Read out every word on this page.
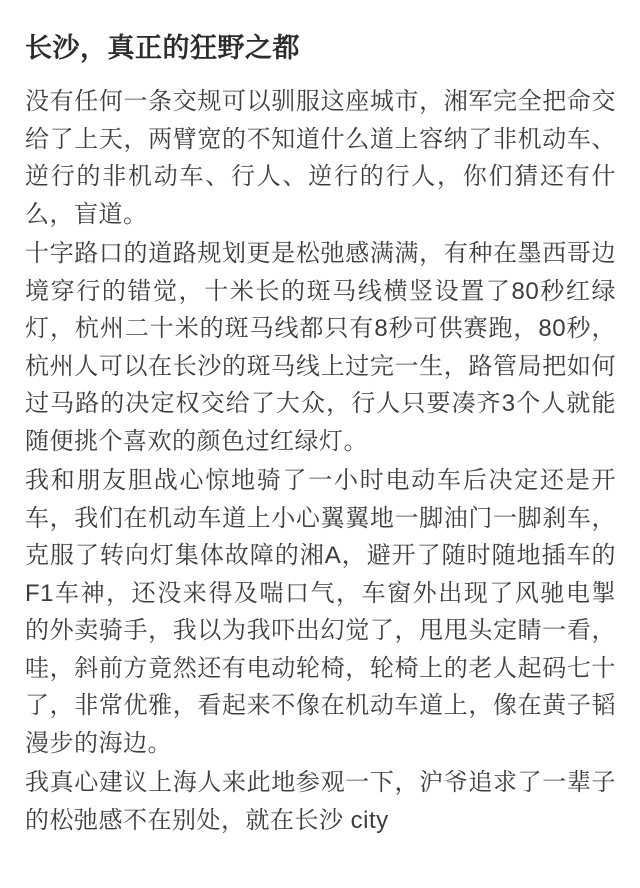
长沙，真正的狂野之都

没有任何一条交规可以驯服这座城市，湘军完全把命交给了上天，两臂宽的不知道什么道上容纳了非机动车、逆行的非机动车、行人、逆行的行人，你们猜还有什么，盲道。

十字路口的道路规划更是松弛感满满，有种在墨西哥边境穿行的错觉，十米长的斑马线横竖设置了80秒红绿灯，杭州二十米的斑马线都只有8秒可供赛跑，80秒，杭州人可以在长沙的斑马线上过完一生，路管局把如何过马路的决定权交给了大众，行人只要凑齐3个人就能随便挑个喜欢的颜色过红绿灯。

我和朋友胆战心惊地骑了一小时电动车后决定还是开车，我们在机动车道上小心翼翼地一脚油门一脚刹车，克服了转向灯集体故障的湘A，避开了随时随地插车的F1车神，还没来得及喘口气，车窗外出现了风驰电掣的外卖骑手，我以为我吓出幻觉了，甩甩头定睛一看，哇，斜前方竟然还有电动轮椅，轮椅上的老人起码七十了，非常优雅，看起来不像在机动车道上，像在黄子韬漫步的海边。

我真心建议上海人来此地参观一下，沪爷追求了一辈子的松弛感不在别处，就在长沙 city
